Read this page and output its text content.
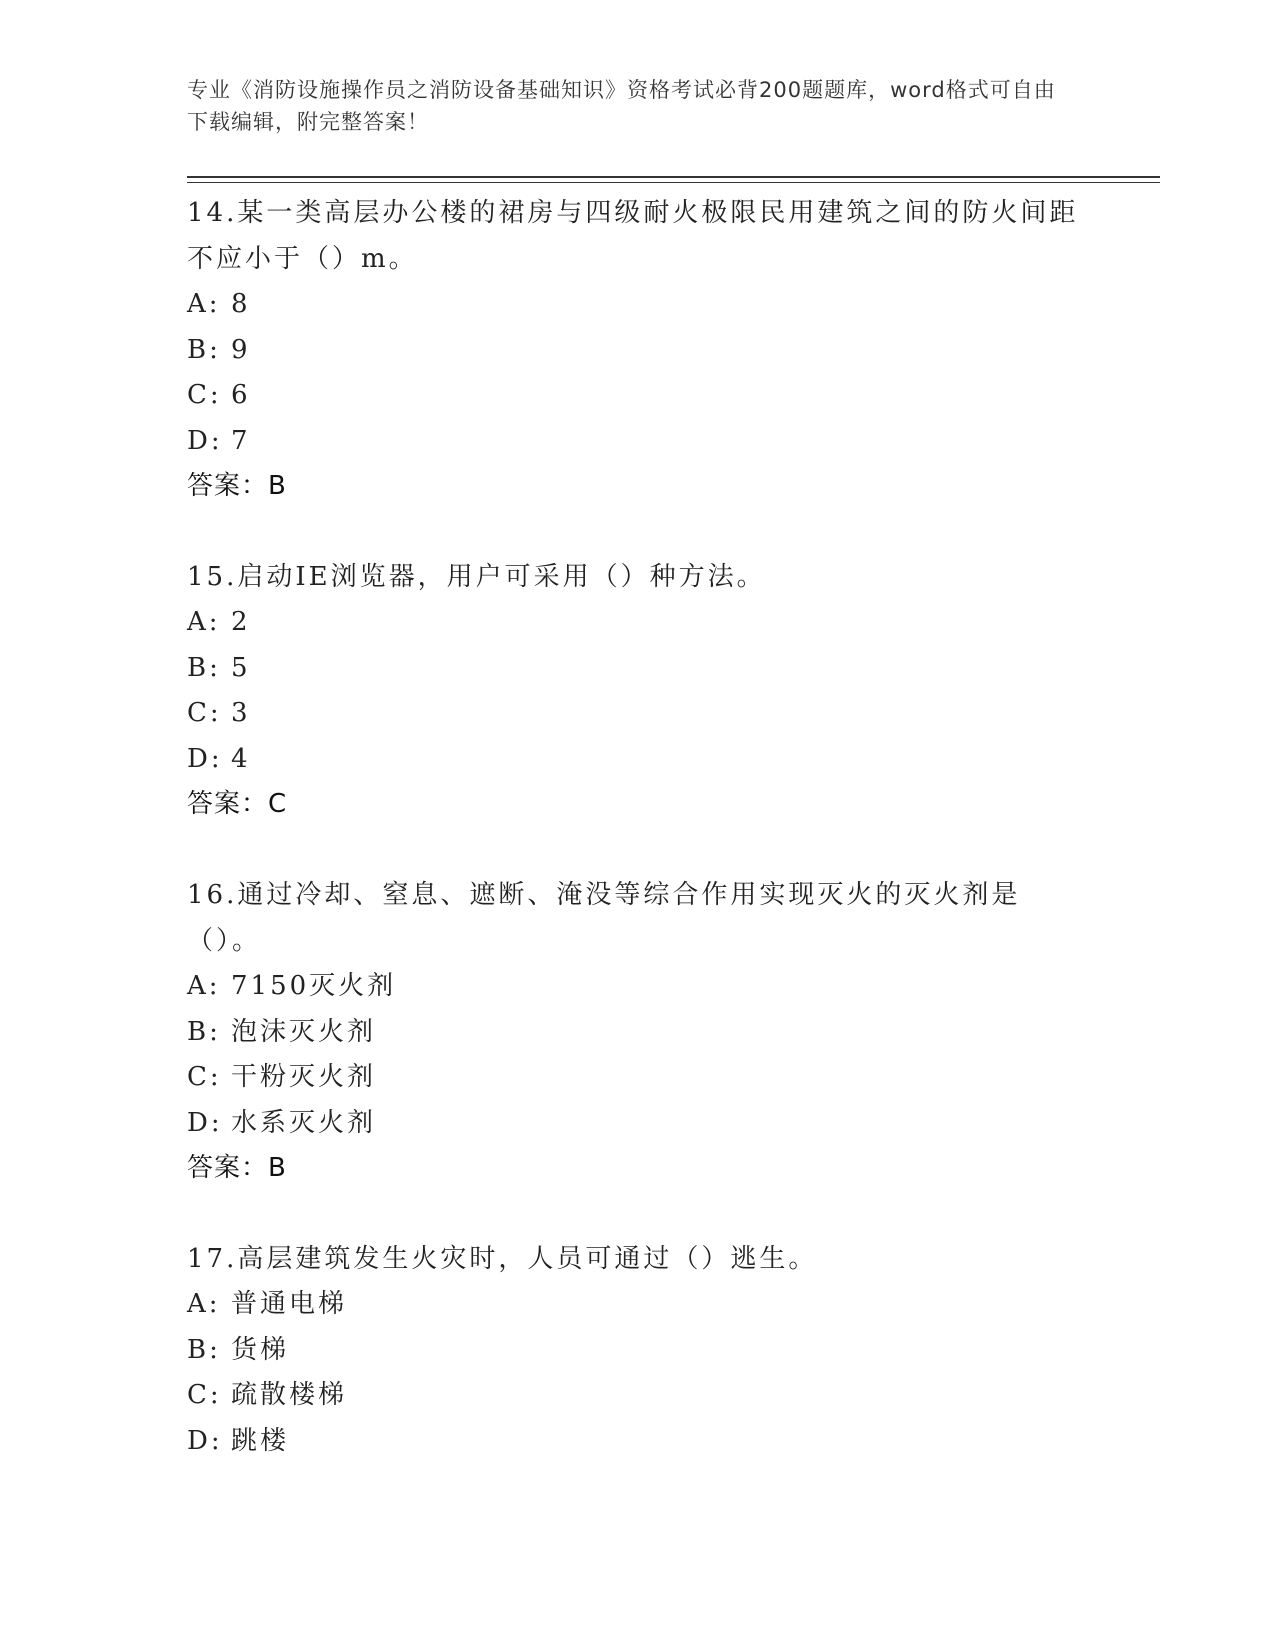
专业《消防设施操作员之消防设备基础知识》资格考试必背200题题库，word格式可自由下载编辑，附完整答案！
14.某一类高层办公楼的裙房与四级耐火极限民用建筑之间的防火间距不应小于（）m。
A: 8
B: 9
C: 6
D: 7
答案：B
15.启动IE浏览器，用户可采用（）种方法。
A: 2
B: 5
C: 3
D: 4
答案：C
16.通过冷却、窒息、遮断、淹没等综合作用实现灭火的灭火剂是（）。
A: 7150灭火剂
B: 泡沫灭火剂
C: 干粉灭火剂
D: 水系灭火剂
答案：B
17.高层建筑发生火灾时，人员可通过（）逃生。
A: 普通电梯
B: 货梯
C: 疏散楼梯
D: 跳楼
